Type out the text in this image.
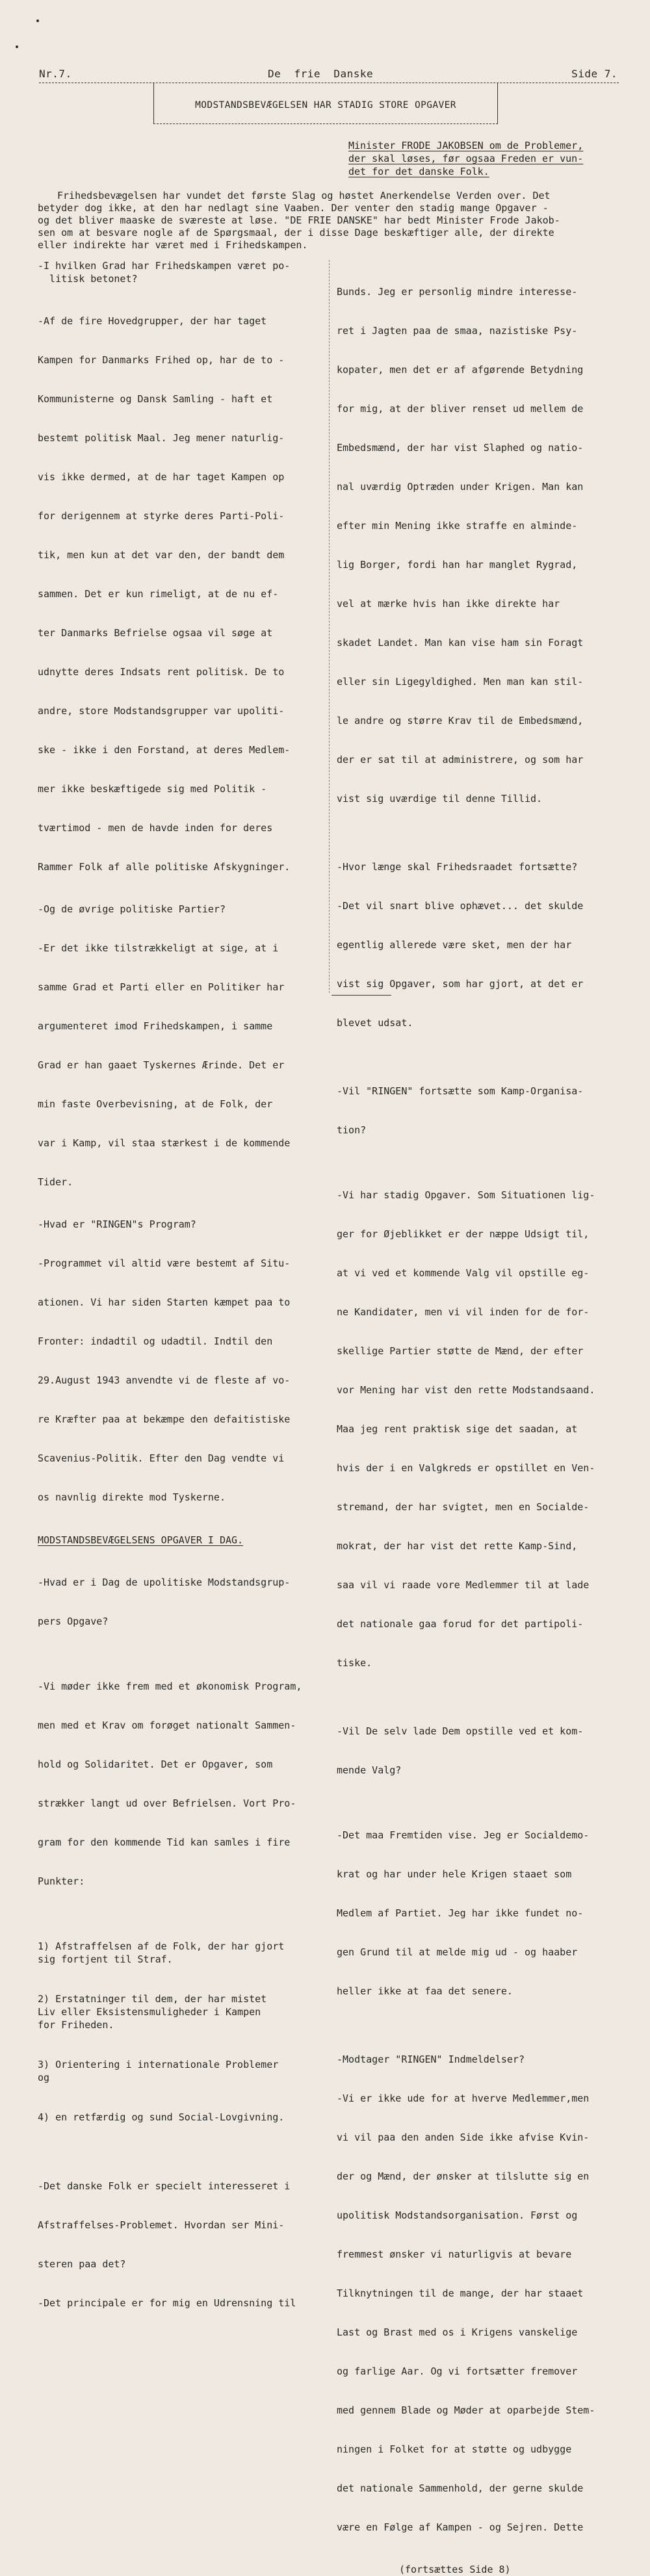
Nr.7.	De  frie  Danske	Side 7.
MODSTANDSBEVÆGELSEN HAR STADIG STORE OPGAVER
Minister FRODE JAKOBSEN om de Problemer,
der skal løses, før ogsaa Freden er vun-
det for det danske Folk.
Frihedsbevægelsen har vundet det første Slag og høstet Anerkendelse Verden over. Det
betyder dog ikke, at den har nedlagt sine Vaaben. Der venter den stadig mange Opgaver -
og det bliver maaske de sværeste at løse. "DE FRIE DANSKE" har bedt Minister Frode Jakob-
sen om at besvare nogle af de Spørgsmaal, der i disse Dage beskæftiger alle, der direkte
eller indirekte har været med i Frihedskampen.
-I hvilken Grad har Frihedskampen været po-
litisk betonet?

-Af de fire Hovedgrupper, der har taget

Kampen for Danmarks Frihed op, har de to -

Kommunisterne og Dansk Samling - haft et

bestemt politisk Maal. Jeg mener naturlig-

vis ikke dermed, at de har taget Kampen op

for derigennem at styrke deres Parti-Poli-

tik, men kun at det var den, der bandt dem

sammen. Det er kun rimeligt, at de nu ef-

ter Danmarks Befrielse ogsaa vil søge at

udnytte deres Indsats rent politisk. De to

andre, store Modstandsgrupper var upoliti-

ske - ikke i den Forstand, at deres Medlem-

mer ikke beskæftigede sig med Politik -

tværtimod - men de havde inden for deres

Rammer Folk af alle politiske Afskygninger.

-Og de øvrige politiske Partier?

-Er det ikke tilstrækkeligt at sige, at i

samme Grad et Parti eller en Politiker har

argumenteret imod Frihedskampen, i samme

Grad er han gaaet Tyskernes Ærinde. Det er

min faste Overbevisning, at de Folk, der

var i Kamp, vil staa stærkest i de kommende

Tider.

-Hvad er "RINGEN"s Program?

-Programmet vil altid være bestemt af Situ-

ationen. Vi har siden Starten kæmpet paa to

Fronter: indadtil og udadtil. Indtil den

29.August 1943 anvendte vi de fleste af vo-

re Kræfter paa at bekæmpe den defaitistiske

Scavenius-Politik. Efter den Dag vendte vi

os navnlig direkte mod Tyskerne.

MODSTANDSBEVÆGELSENS OPGAVER I DAG.

-Hvad er i Dag de upolitiske Modstandsgrup-

pers Opgave?

-Vi møder ikke frem med et økonomisk Program,

men med et Krav om forøget nationalt Sammen-

hold og Solidaritet. Det er Opgaver, som

strækker langt ud over Befrielsen. Vort Pro-

gram for den kommende Tid kan samles i fire

Punkter:

1) Afstraffelsen af de Folk, der har gjort
sig fortjent til Straf.

2) Erstatninger til dem, der har mistet
Liv eller Eksistensmuligheder i Kampen
for Friheden.

3) Orientering i internationale Problemer
og

4) en retfærdig og sund Social-Lovgivning.

-Det danske Folk er specielt interesseret i

Afstraffelses-Problemet. Hvordan ser Mini-

steren paa det?

-Det principale er for mig en Udrensning til

Bunds. Jeg er personlig mindre interesse-

ret i Jagten paa de smaa, nazistiske Psy-

kopater, men det er af afgørende Betydning

for mig, at der bliver renset ud mellem de

Embedsmænd, der har vist Slaphed og natio-

nal uværdig Optræden under Krigen. Man kan

efter min Mening ikke straffe en alminde-

lig Borger, fordi han har manglet Rygrad,

vel at mærke hvis han ikke direkte har

skadet Landet. Man kan vise ham sin Foragt

eller sin Ligegyldighed. Men man kan stil-

le andre og større Krav til de Embedsmænd,

der er sat til at administrere, og som har

vist sig uværdige til denne Tillid.

-Hvor længe skal Frihedsraadet fortsætte?

-Det vil snart blive ophævet... det skulde

egentlig allerede være sket, men der har

vist sig Opgaver, som har gjort, at det er

blevet udsat.

-Vil "RINGEN" fortsætte som Kamp-Organisa-

tion?

-Vi har stadig Opgaver. Som Situationen lig-

ger for Øjeblikket er der næppe Udsigt til,

at vi ved et kommende Valg vil opstille eg-

ne Kandidater, men vi vil inden for de for-

skellige Partier støtte de Mænd, der efter

vor Mening har vist den rette Modstandsaand.

Maa jeg rent praktisk sige det saadan, at

hvis der i en Valgkreds er opstillet en Ven-

stremand, der har svigtet, men en Socialde-

mokrat, der har vist det rette Kamp-Sind,

saa vil vi raade vore Medlemmer til at lade

det nationale gaa forud for det partipoli-

tiske.

-Vil De selv lade Dem opstille ved et kom-

mende Valg?

-Det maa Fremtiden vise. Jeg er Socialdemo-

krat og har under hele Krigen staaet som

Medlem af Partiet. Jeg har ikke fundet no-

gen Grund til at melde mig ud - og haaber

heller ikke at faa det senere.

-Modtager "RINGEN" Indmeldelser?

-Vi er ikke ude for at hverve Medlemmer,men

vi vil paa den anden Side ikke afvise Kvin-

der og Mænd, der ønsker at tilslutte sig en

upolitisk Modstandsorganisation. Først og

fremmest ønsker vi naturligvis at bevare

Tilknytningen til de mange, der har staaet

Last og Brast med os i Krigens vanskelige

og farlige Aar. Og vi fortsætter fremover

med gennem Blade og Møder at oparbejde Stem-

ningen i Folket for at støtte og udbygge

det nationale Sammenhold, der gerne skulde

være en Følge af Kampen - og Sejren. Dette

(fortsættes Side 8)
